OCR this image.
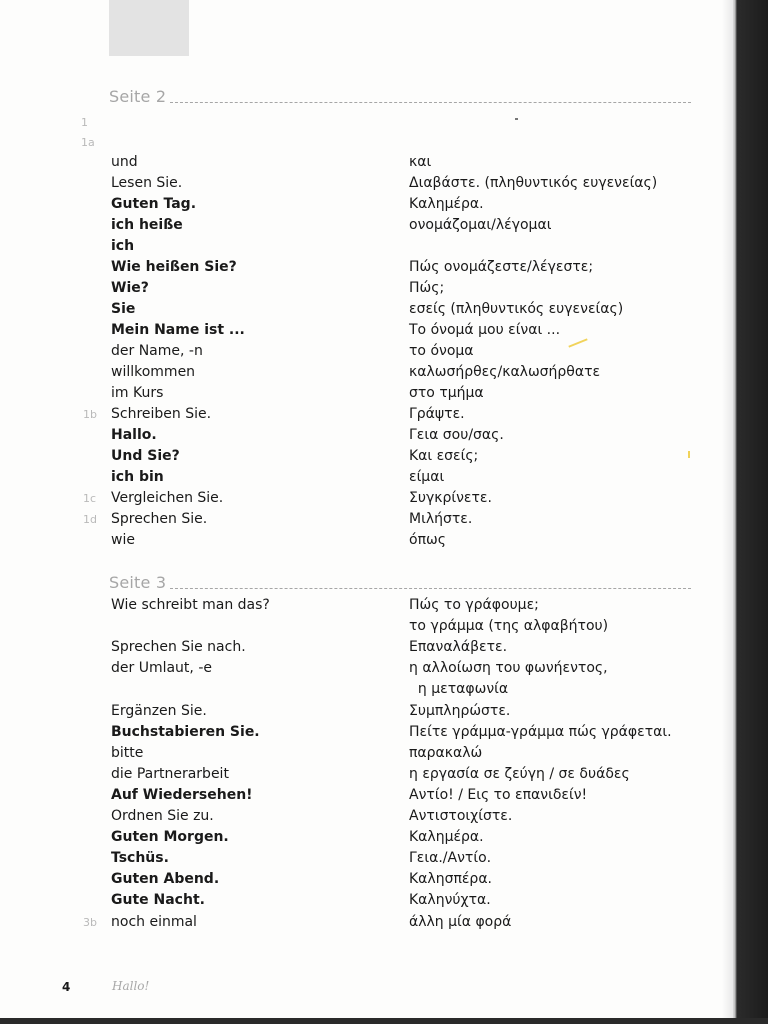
Seite 2
1
1a
und	και
Lesen Sie.	Διαβάστε. (πληθυντικός ευγενείας)
Guten Tag.	Καλημέρα.
ich heiße	ονομάζομαι/λέγομαι
ich
Wie heißen Sie?	Πώς ονομάζεστε/λέγεστε;
Wie?	Πώς;
Sie	εσείς (πληθυντικός ευγενείας)
Mein Name ist ...	Το όνομά μου είναι ...
der Name, -n	το όνομα
willkommen	καλωσήρθες/καλωσήρθατε
im Kurs	στο τμήμα
1b Schreiben Sie.	Γράψτε.
Hallo.	Γεια σου/σας.
Und Sie?	Και εσείς;
ich bin	είμαι
1c Vergleichen Sie.	Συγκρίνετε.
1d Sprechen Sie.	Μιλήστε.
wie	όπως
Seite 3
Wie schreibt man das?	Πώς το γράφουμε;
το γράμμα (της αλφαβήτου)
Sprechen Sie nach.	Επαναλάβετε.
der Umlaut, -e	η αλλοίωση του φωνήεντος,
η μεταφωνία
Ergänzen Sie.	Συμπληρώστε.
Buchstabieren Sie.	Πείτε γράμμα-γράμμα πώς γράφεται.
bitte	παρακαλώ
die Partnerarbeit	η εργασία σε ζεύγη / σε δυάδες
Auf Wiedersehen!	Αντίο! / Εις το επανιδείν!
Ordnen Sie zu.	Αντιστοιχίστε.
Guten Morgen.	Καλημέρα.
Tschüs.	Γεια./Αντίο.
Guten Abend.	Καλησπέρα.
Gute Nacht.	Καληνύχτα.
3b noch einmal	άλλη μία φορά
4	Hallo!
